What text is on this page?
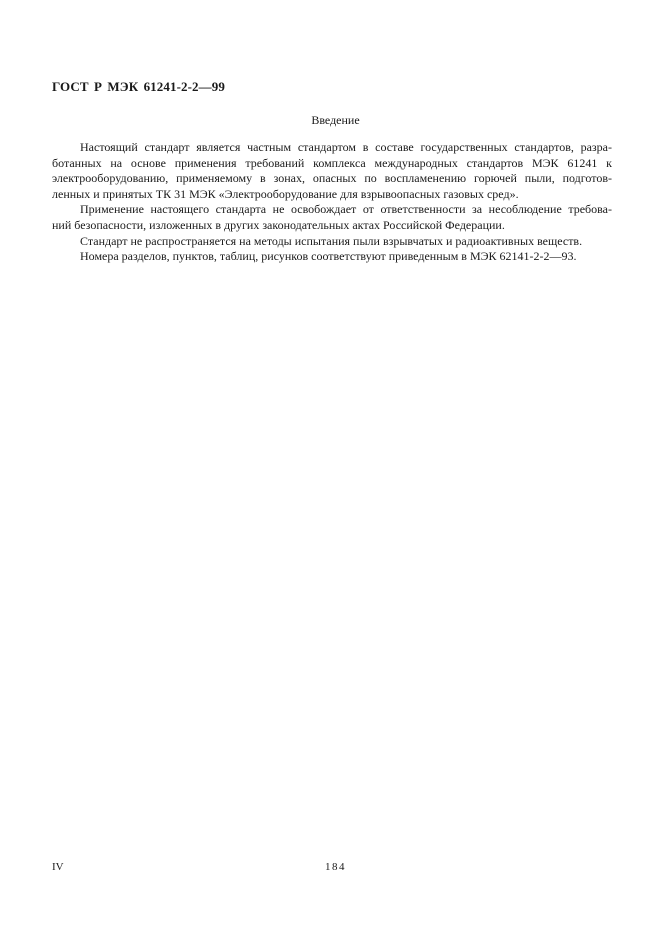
ГОСТ Р МЭК 61241-2-2—99
Введение

Настоящий стандарт является частным стандартом в составе государственных стандартов, разра-
ботанных на основе применения требований комплекса международных стандартов МЭК 61241 к
электрооборудованию, применяемому в зонах, опасных по воспламенению горючей пыли, подготов-
ленных и принятых ТК 31 МЭК «Электрооборудование для взрывоопасных газовых сред».

Применение настоящего стандарта не освобождает от ответственности за несоблюдение требова-
ний безопасности, изложенных в других законодательных актах Российской Федерации.

Стандарт не распространяется на методы испытания пыли взрывчатых и радиоактивных веществ.

Номера разделов, пунктов, таблиц, рисунков соответствуют приведенным в МЭК 62141-2-2—93.

IV	184
